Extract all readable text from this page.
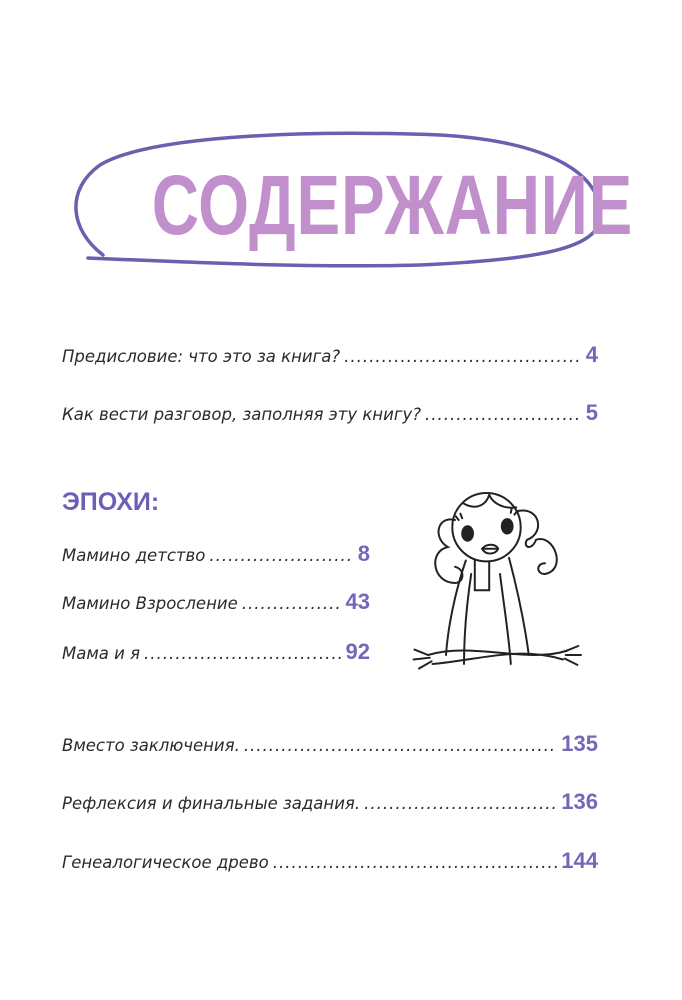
СОДЕРЖАНИЕ
Предисловие: что это за книга? .....	4
Как вести разговор, заполняя эту книгу? .....	5
ЭПОХИ:
Мамино детство .....	8
Мамино Взросление .....	43
Мама и я .....	92
Вместо заключения. .....	135
Рефлексия и финальные задания. .....	136
Генеалогическое древо .....	144
